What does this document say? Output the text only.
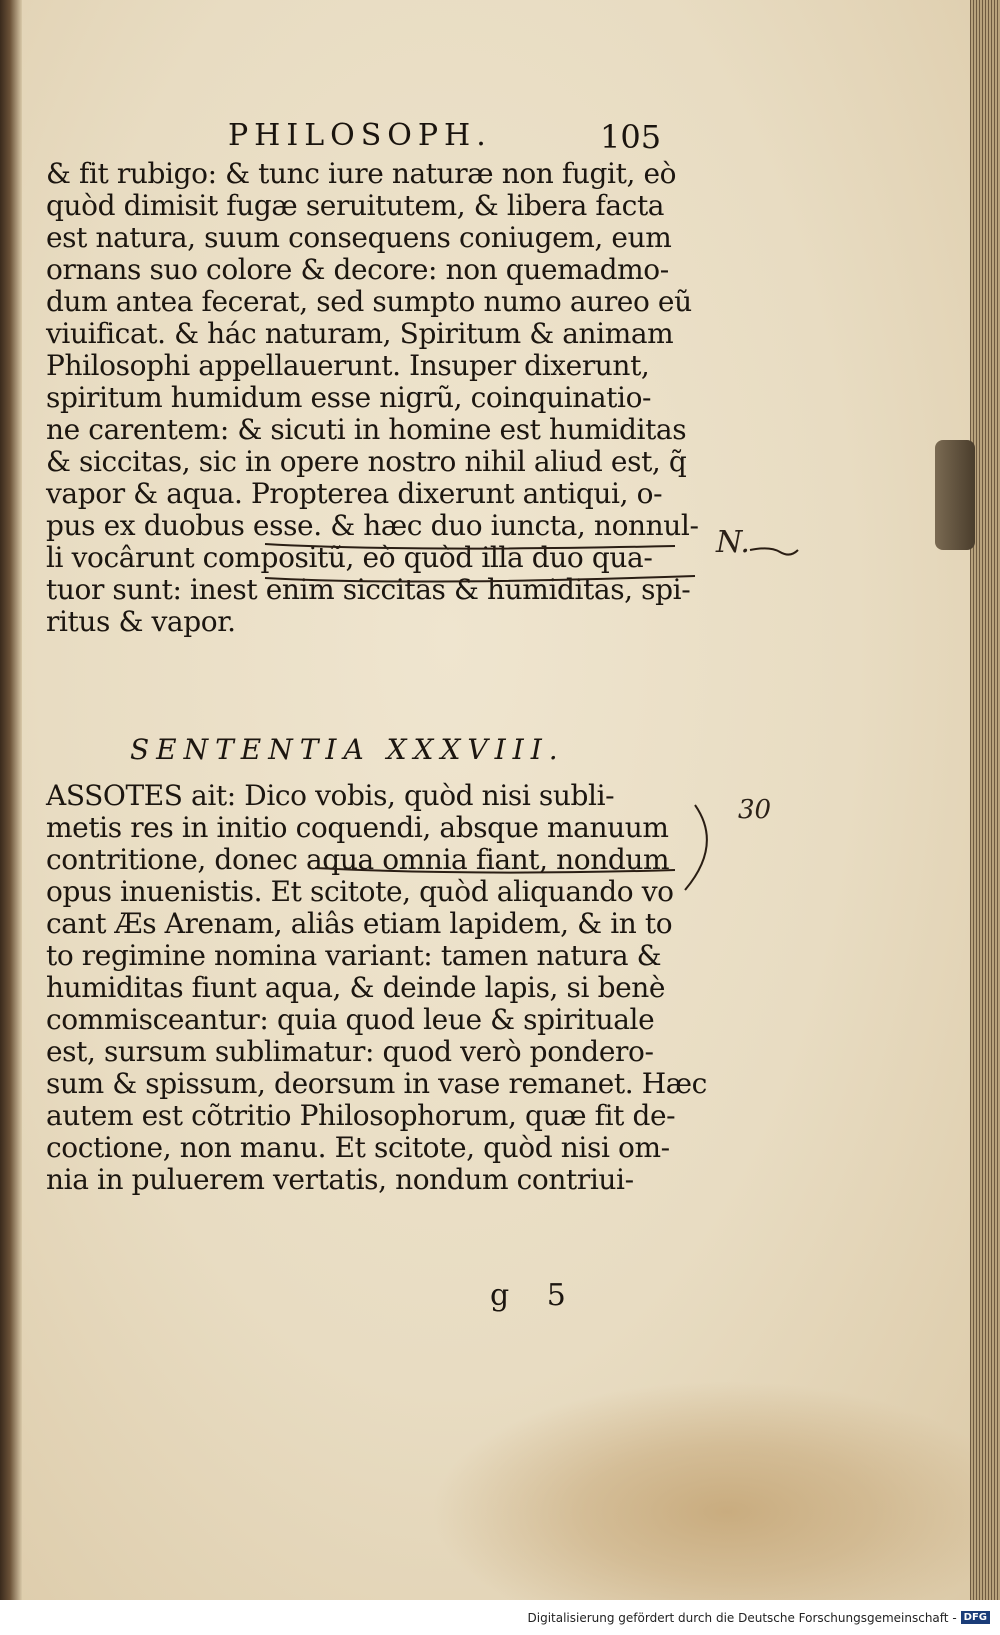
PHILOSOPH.	105
& fit rubigo: & tunc iure naturæ non fugit, eò
quòd dimisit fugæ seruitutem, & libera facta
est natura, suum consequens coniugem, eum
ornans suo colore & decore: non quemadmo-
dum antea fecerat, sed sumpto numo aureo eũ
viuificat. & hác naturam, Spiritum & animam
Philosophi appellauerunt. Insuper dixerunt,
spiritum humidum esse nigrũ, coinquinatio-
ne carentem: & sicuti in homine est humiditas
& siccitas, sic in opere nostro nihil aliud est, q̃
vapor & aqua. Propterea dixerunt antiqui, o-
pus ex duobus esse. & hæc duo iuncta, nonnul-
li vocârunt compositũ, eò quòd illa duo qua-
tuor sunt: inest enim siccitas & humiditas, spi-
ritus & vapor.
SENTENTIA XXXVIII.
ASSOTES ait: Dico vobis, quòd nisi subli-
metis res in initio coquendi, absque manuum
contritione, donec aqua omnia fiant, nondum
opus inuenistis. Et scitote, quòd aliquando vo
cant Æs Arenam, aliâs etiam lapidem, & in to
to regimine nomina variant: tamen natura &
humiditas fiunt aqua, & deinde lapis, si benè
commisceantur: quia quod leue & spirituale
est, sursum sublimatur: quod verò pondero-
sum & spissum, deorsum in vase remanet. Hæc
autem est cõtritio Philosophorum, quæ fit de-
coctione, non manu. Et scitote, quòd nisi om-
nia in puluerem vertatis, nondum contriui-
g 5
N.
30
Digitalisierung gefördert durch die Deutsche Forschungsgemeinschaft - DFG
